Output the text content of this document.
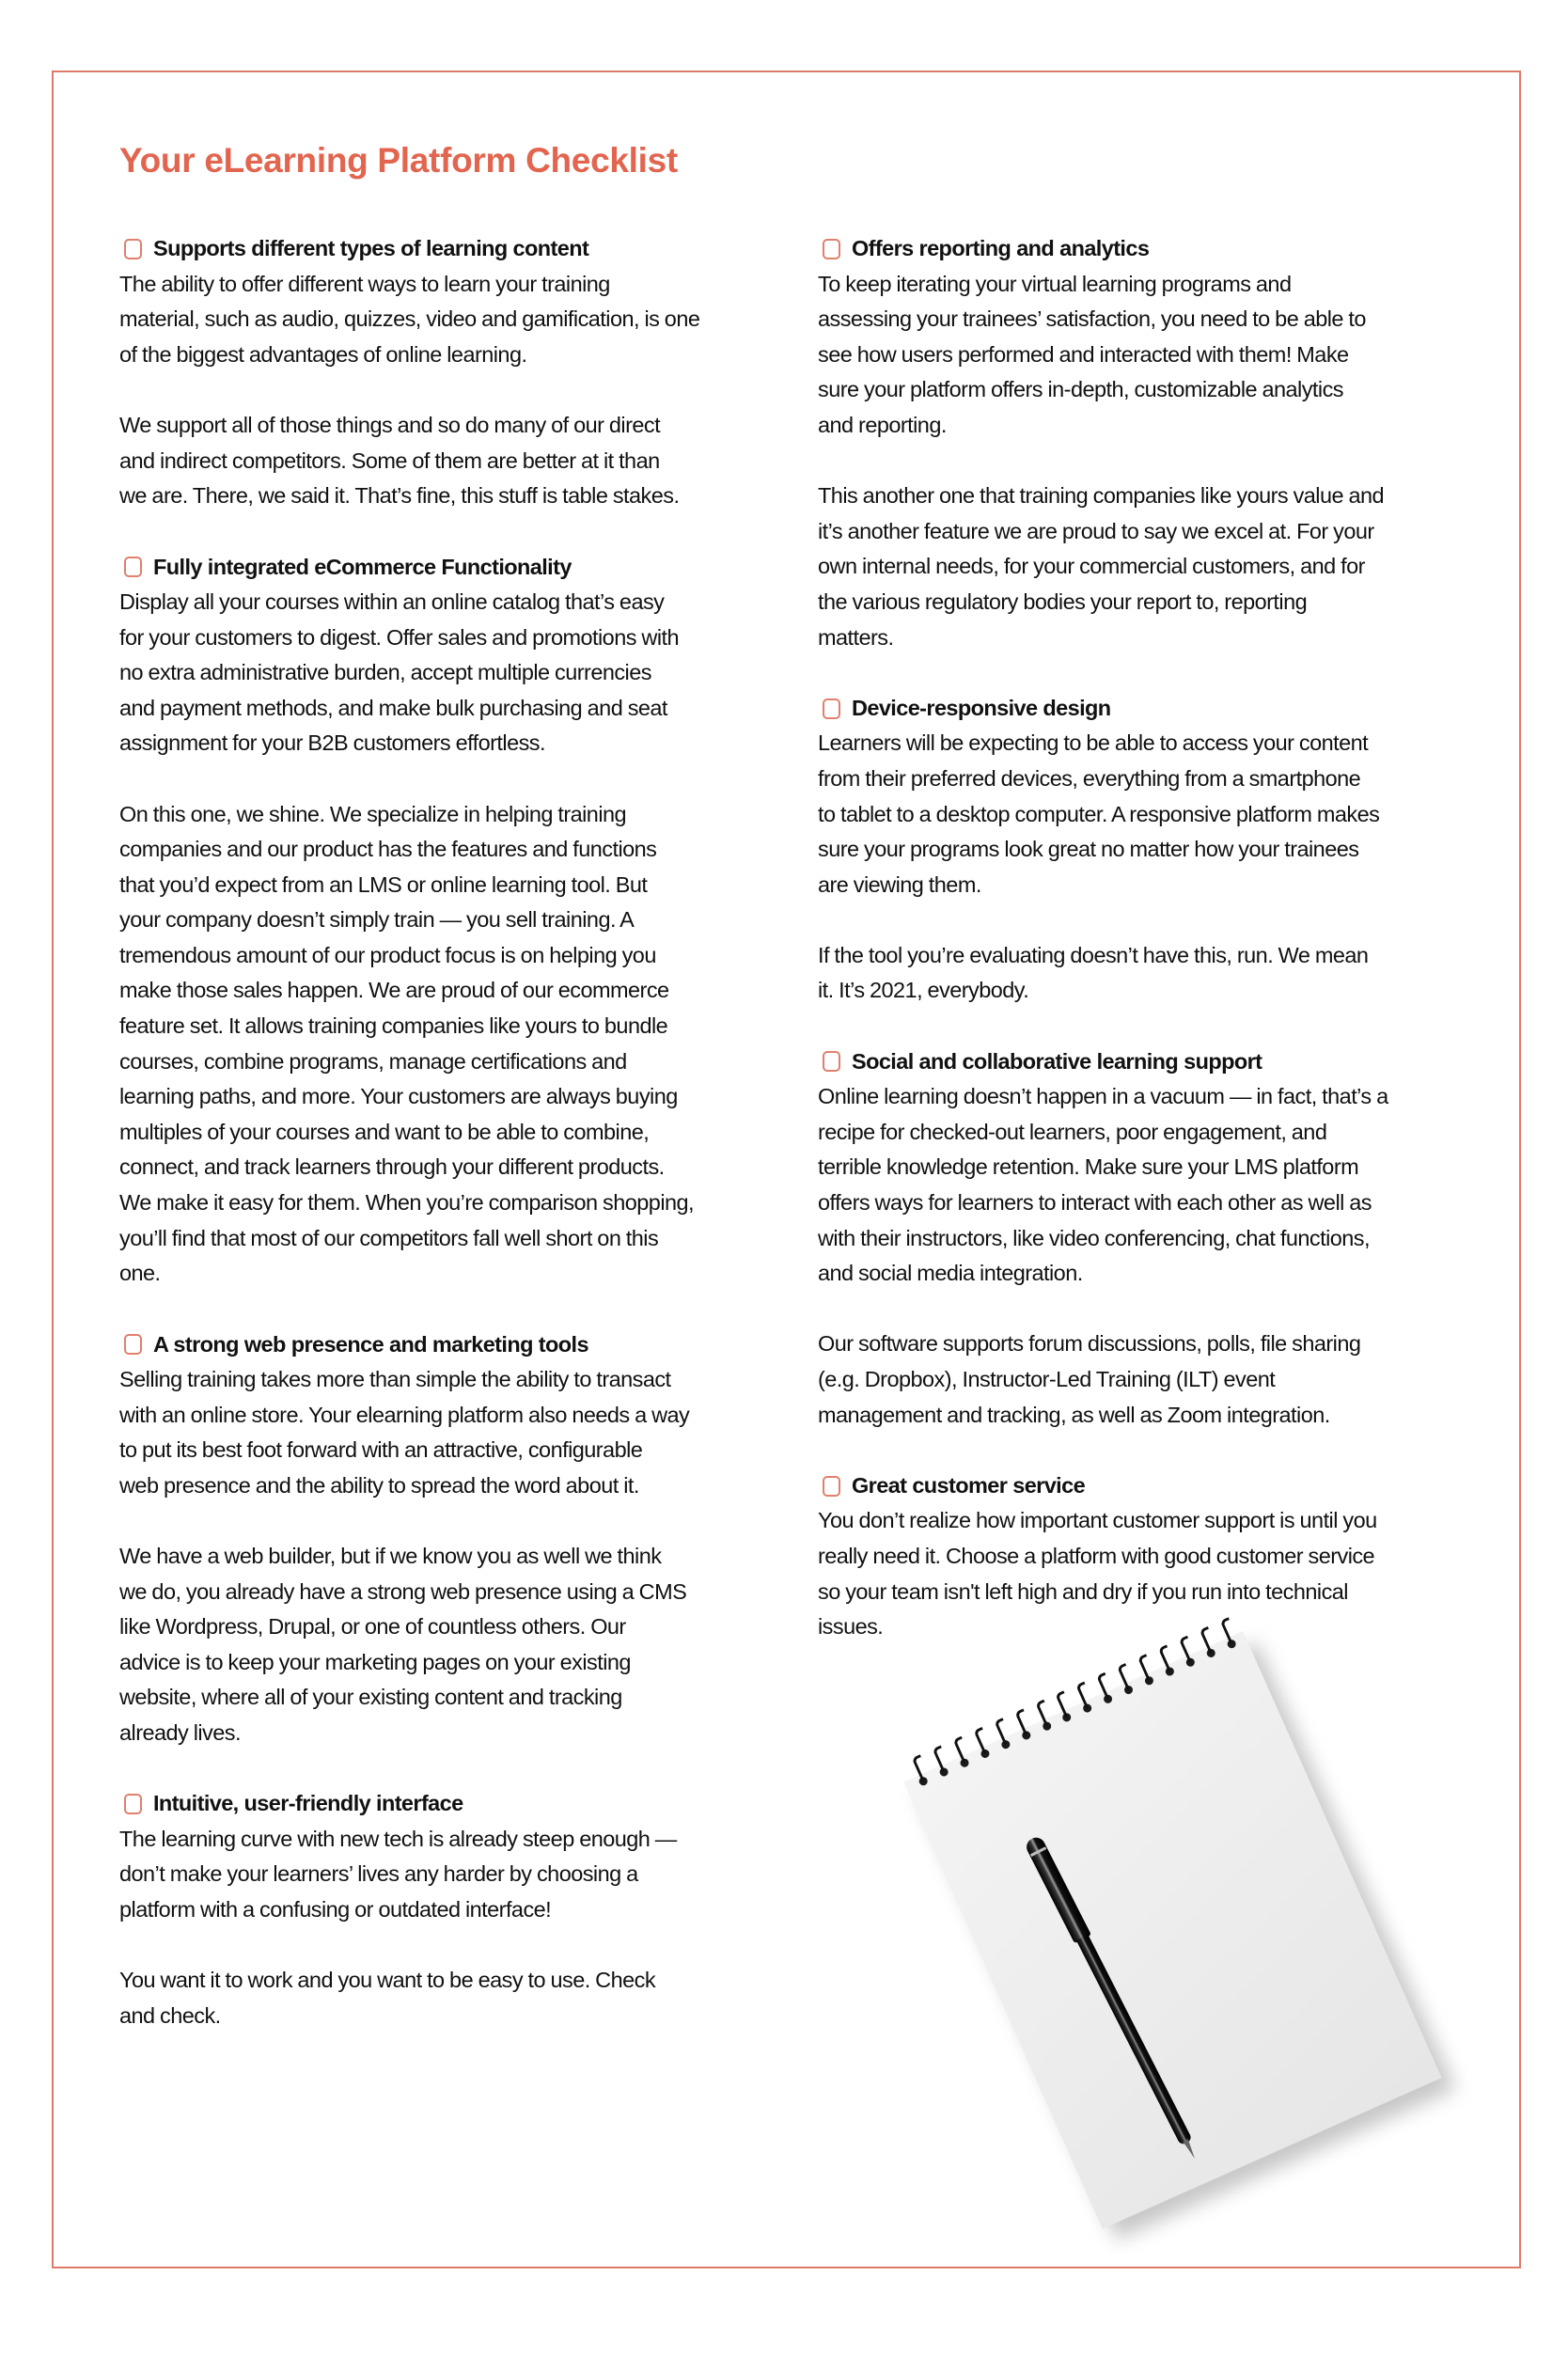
Your eLearning Platform Checklist
Supports different types of learning content
The ability to offer different ways to learn your training
material, such as audio, quizzes, video and gamification, is one
of the biggest advantages of online learning.
We support all of those things and so do many of our direct
and indirect competitors. Some of them are better at it than
we are. There, we said it. That’s fine, this stuff is table stakes.
Fully integrated eCommerce Functionality
Display all your courses within an online catalog that’s easy
for your customers to digest. Offer sales and promotions with
no extra administrative burden, accept multiple currencies
and payment methods, and make bulk purchasing and seat
assignment for your B2B customers effortless.
On this one, we shine. We specialize in helping training
companies and our product has the features and functions
that you’d expect from an LMS or online learning tool. But
your company doesn’t simply train — you sell training. A
tremendous amount of our product focus is on helping you
make those sales happen. We are proud of our ecommerce
feature set. It allows training companies like yours to bundle
courses, combine programs, manage certifications and
learning paths, and more. Your customers are always buying
multiples of your courses and want to be able to combine,
connect, and track learners through your different products.
We make it easy for them. When you’re comparison shopping,
you’ll find that most of our competitors fall well short on this
one.
A strong web presence and marketing tools
Selling training takes more than simple the ability to transact
with an online store. Your elearning platform also needs a way
to put its best foot forward with an attractive, configurable
web presence and the ability to spread the word about it.
We have a web builder, but if we know you as well we think
we do, you already have a strong web presence using a CMS
like Wordpress, Drupal, or one of countless others. Our
advice is to keep your marketing pages on your existing
website, where all of your existing content and tracking
already lives.
Intuitive, user-friendly interface
The learning curve with new tech is already steep enough —
don’t make your learners’ lives any harder by choosing a
platform with a confusing or outdated interface!
You want it to work and you want to be easy to use. Check
and check.
Offers reporting and analytics
To keep iterating your virtual learning programs and
assessing your trainees’ satisfaction, you need to be able to
see how users performed and interacted with them! Make
sure your platform offers in-depth, customizable analytics
and reporting.
This another one that training companies like yours value and
it’s another feature we are proud to say we excel at. For your
own internal needs, for your commercial customers, and for
the various regulatory bodies your report to, reporting
matters.
Device-responsive design
Learners will be expecting to be able to access your content
from their preferred devices, everything from a smartphone
to tablet to a desktop computer. A responsive platform makes
sure your programs look great no matter how your trainees
are viewing them.
If the tool you’re evaluating doesn’t have this, run. We mean
it. It’s 2021, everybody.
Social and collaborative learning support
Online learning doesn’t happen in a vacuum — in fact, that’s a
recipe for checked-out learners, poor engagement, and
terrible knowledge retention. Make sure your LMS platform
offers ways for learners to interact with each other as well as
with their instructors, like video conferencing, chat functions,
and social media integration.
Our software supports forum discussions, polls, file sharing
(e.g. Dropbox), Instructor-Led Training (ILT) event
management and tracking, as well as Zoom integration.
Great customer service
You don’t realize how important customer support is until you
really need it. Choose a platform with good customer service
so your team isn't left high and dry if you run into technical
issues.
